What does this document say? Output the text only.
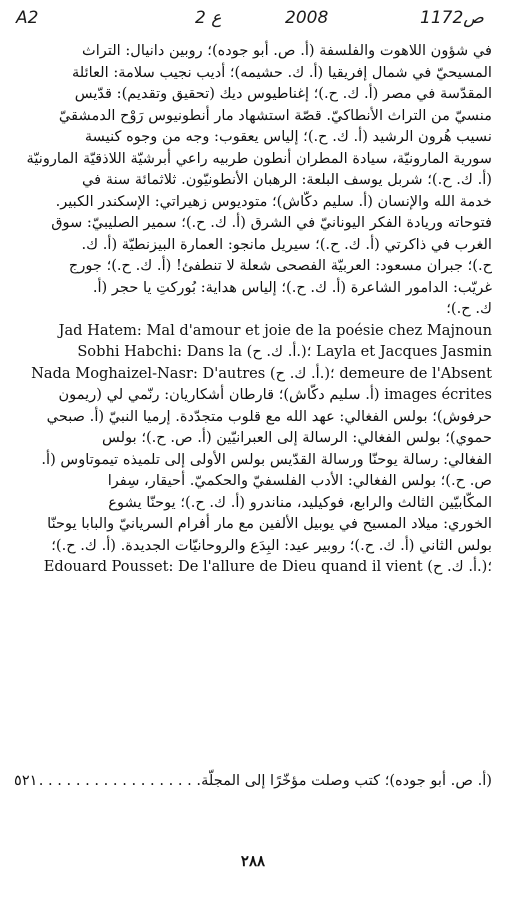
A2	2 ع	2008	1172ص
في شؤون اللاهوت والفلسفة (أ. ص. أبو جوده)؛ روبين دانيال: التراث
المسيحيّ في شمال إفريقيا (أ. ك. حشيمه)؛ أديب نجيب سلامة: العائلة
المقدّسة في مصر (أ. ك. ح.)؛ إغناطيوس ديك (تحقيق وتقديم): قدّيس
منسيّ من التراث الأنطاكيّ. قصّة استشهاد مار أنطونيوس رَوْح الدمشقيّ
نسيب هُرون الرشيد (أ. ك. ح.)؛ إلياس يعقوب: وجه من وجوه كنيسة
سورية المارونيّة، سيادة المطران أنطون طربيه راعي أبرشيّة اللاذقيّة المارونيّة
(أ. ك. ح.)؛ شربل يوسف البلعة: الرهبان الأنطونيّون. ثلاثمائة سنة في
خدمة الله والإنسان (أ. سليم دكّاش)؛ متوديوس زهيراتي: الإسكندر الكبير.
فتوحاته وريادة الفكر اليونانيّ في الشرق (أ. ك. ح.)؛ سمير الصليبيّ: سوق
الغرب في ذاكرتي (أ. ك. ح.)؛ سيريل مانجو: العمارة البيزنطيّة (أ. ك.
ح.)؛ جبران مسعود: العربيّة الفصحى شعلة لا تنطفئ! (أ. ك. ح.)؛ جورج
غريّب: الدامور الشاعرة (أ. ك. ح.)؛ إلياس هداية: بُوركتِ يا حجر (أ.
ك. ح.)؛
Jad Hatem: Mal d'amour et joie de la poésie chez Majnoun
Sobhi Habchi: Dans la (أ. ك. ح.)؛ Layla et Jacques Jasmin
Nada Moghaizel-Nasr: D'autres (أ. ك. ح.)؛ demeure de l'Absent
images écrites (أ. سليم دكّاش)؛ قارطان أشكاريان: رنّمي لي (ريمون
حرفوش)؛ بولس الفغالي: عهد الله مع قلوب متجدّدة. إرميا النبيّ (أ. صبحي
حموي)؛ بولس الفغالي: الرسالة إلى العبرانيّين (أ. ص. ح.)؛ بولس
الفغالي: رسالة يوحنّا ورسالة القدّيس بولس الأولى إلى تلميذه تيموتاوس (أ.
ص. ح.)؛ بولس الفغالي: الأدب الفلسفيّ والحكميّ. أحيقار، سِفرا
المكّابيّين الثالث والرابع، فوكيليد، مناندرو (أ. ك. ح.)؛ يوحنّا يشوع
الخوري: ميلاد المسيح في يوبيل الألفين مع مار أفرام السريانيّ والبابا يوحنّا
بولس الثاني (أ. ك. ح.)؛ روبير عيد: البِدَع والروحانيّات الجديدة. (أ. ك. ح.)؛
Edouard Pousset: De l'allure de Dieu quand il vient (أ. ك. ح.)؛
٥٢١ (أ. ص. أبو جوده)؛ كتب وصلت مؤخّرًا إلى المجلّة. . . . . . . . . . . . . . . . . .
٢٨٨
